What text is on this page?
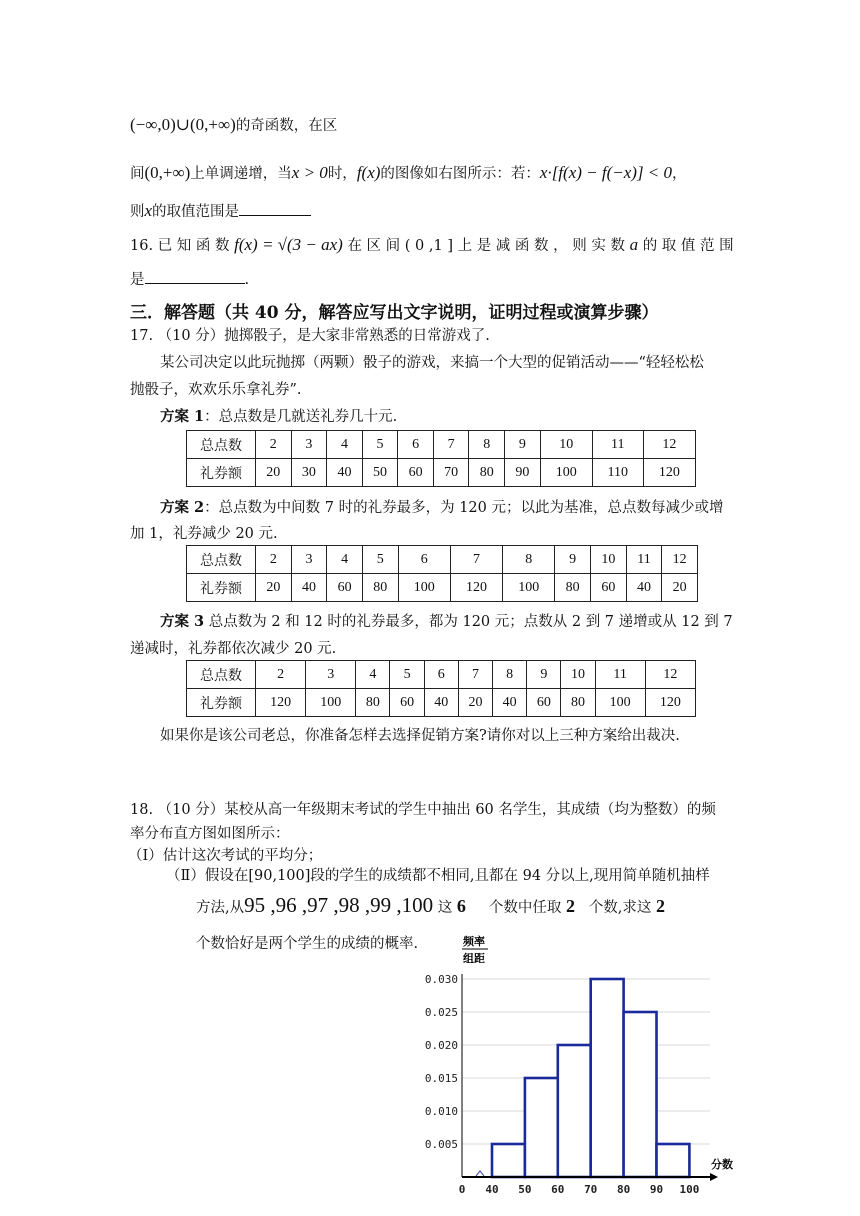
(−∞,0)∪(0,+∞)的奇函数，在区
间(0,+∞)上单调递增，当x > 0时，f(x)的图像如右图所示：若：x·[f(x) − f(−x)] < 0，
则x的取值范围是
16. 已 知 函 数 f(x) = √(3 − ax) 在 区 间 ( 0 ,1 ] 上 是 减 函 数 ， 则 实 数 a 的 取 值 范 围
是	.
三．解答题（共 40 分，解答应写出文字说明，证明过程或演算步骤）
17. （10 分）抛掷骰子，是大家非常熟悉的日常游戏了.
某公司决定以此玩抛掷（两颗）骰子的游戏，来搞一个大型的促销活动——“轻轻松松
抛骰子，欢欢乐乐拿礼券”.
方案 1：总点数是几就送礼券几十元.
总点数	2	3	4	5	6	7	8	9	10	11	12
礼券额	20	30	40	50	60	70	80	90	100	110	120
方案 2：总点数为中间数 7 时的礼券最多，为 120 元；以此为基准，总点数每减少或增
加 1，礼券减少 20 元.
总点数	2	3	4	5	6	7	8	9	10	11	12
礼券额	20	40	60	80	100	120	100	80	60	40	20
方案 3 总点数为 2 和 12 时的礼券最多，都为 120 元；点数从 2 到 7 递增或从 12 到 7
递减时，礼券都依次减少 20 元.
总点数	2	3	4	5	6	7	8	9	10	11	12
礼券额	120	100	80	60	40	20	40	60	80	100	120
如果你是该公司老总，你准备怎样去选择促销方案?请你对以上三种方案给出裁决.
18. （10 分）某校从高一年级期末考试的学生中抽出 60 名学生，其成绩（均为整数）的频
率分布直方图如图所示：
（Ⅰ）估计这次考试的平均分；
（Ⅱ）假设在[90,100]段的学生的成绩都不相同,且都在 94 分以上,现用简单随机抽样
方法,从95 ,96 ,97 ,98 ,99 ,100 这 6 个数中任取 2 个数,求这 2
个数恰好是两个学生的成绩的概率.
0.030
0.025
0.020
0.015
0.010
0.005
0 40 50 60 70 80 90 100
频率
组距
分数
